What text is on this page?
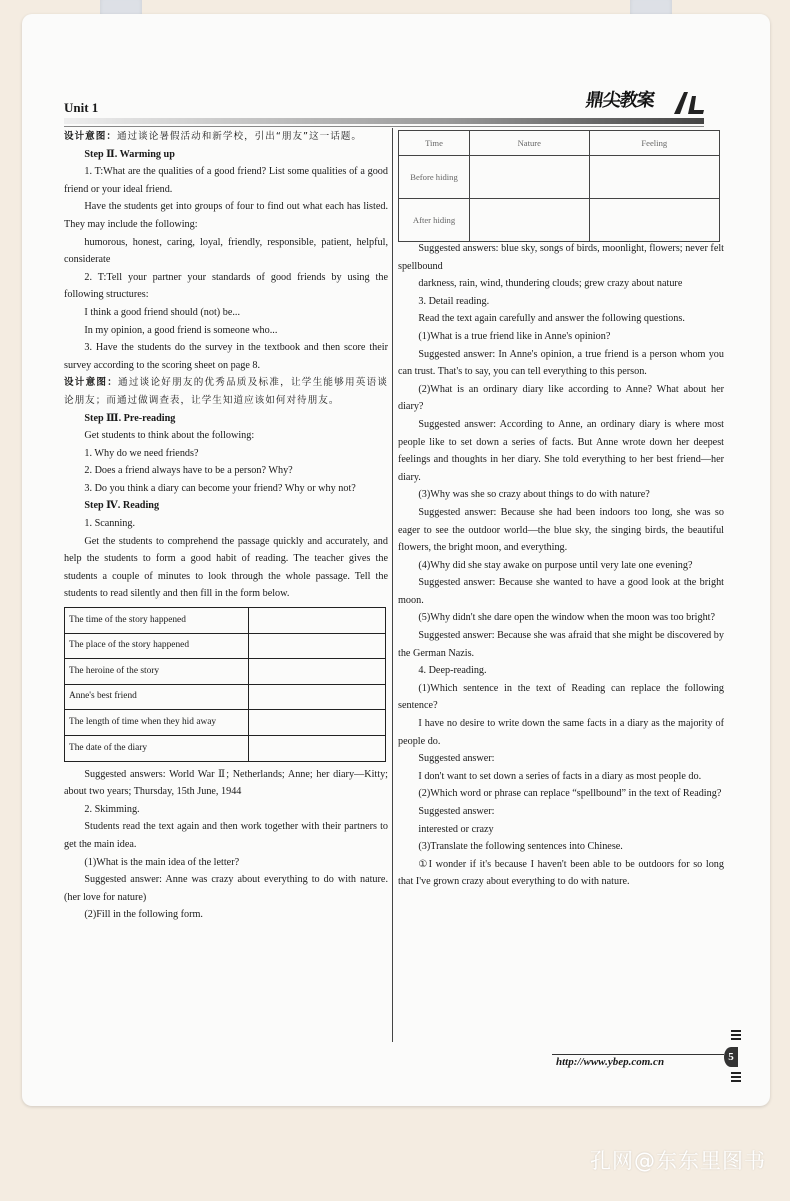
Unit 1	鼎尖教案

设计意图：通过谈论暑假活动和新学校，引出“朋友”这一话题。

Step Ⅱ. Warming up

1. T:What are the qualities of a good friend? List some qualities of a good friend or your ideal friend.

Have the students get into groups of four to find out what each has listed. They may include the following:

humorous, honest, caring, loyal, friendly, responsible, patient, helpful, considerate

2. T:Tell your partner your standards of good friends by using the following structures:

I think a good friend should (not) be...

In my opinion, a good friend is someone who...

3. Have the students do the survey in the textbook and then score their survey according to the scoring sheet on page 8.

设计意图：通过谈论好朋友的优秀品质及标准，让学生能够用英语谈论朋友；而通过做调查表，让学生知道应该如何对待朋友。

Step Ⅲ. Pre-reading

Get students to think about the following:

1. Why do we need friends?

2. Does a friend always have to be a person? Why?

3. Do you think a diary can become your friend? Why or why not?

Step Ⅳ. Reading

1. Scanning.

Get the students to comprehend the passage quickly and accurately, and help the students to form a good habit of reading. The teacher gives the students a couple of minutes to look through the whole passage. Tell the students to read silently and then fill in the form below.

The time of the story happened	
The place of the story happened	
The heroine of the story	
Anne's best friend	
The length of time when they hid away	
The date of the diary	

Suggested answers: World War Ⅱ; Netherlands; Anne; her diary—Kitty; about two years; Thursday, 15th June, 1944

2. Skimming.

Students read the text again and then work together with their partners to get the main idea.

(1)What is the main idea of the letter?

Suggested answer: Anne was crazy about everything to do with nature. (her love for nature)

(2)Fill in the following form.

Time	Nature	Feeling
Before hiding		
After hiding		

Suggested answers: blue sky, songs of birds, moonlight, flowers; never felt spellbound

darkness, rain, wind, thundering clouds; grew crazy about nature

3. Detail reading.

Read the text again carefully and answer the following questions.

(1)What is a true friend like in Anne's opinion?

Suggested answer: In Anne's opinion, a true friend is a person whom you can trust. That's to say, you can tell everything to this person.

(2)What is an ordinary diary like according to Anne? What about her diary?

Suggested answer: According to Anne, an ordinary diary is where most people like to set down a series of facts. But Anne wrote down her deepest feelings and thoughts in her diary. She told everything to her best friend—her diary.

(3)Why was she so crazy about things to do with nature?

Suggested answer: Because she had been indoors too long, she was so eager to see the outdoor world—the blue sky, the singing birds, the beautiful flowers, the bright moon, and everything.

(4)Why did she stay awake on purpose until very late one evening?

Suggested answer: Because she wanted to have a good look at the bright moon.

(5)Why didn't she dare open the window when the moon was too bright?

Suggested answer: Because she was afraid that she might be discovered by the German Nazis.

4. Deep-reading.

(1)Which sentence in the text of Reading can replace the following sentence?

I have no desire to write down the same facts in a diary as the majority of people do.

Suggested answer:

I don't want to set down a series of facts in a diary as most people do.

(2)Which word or phrase can replace “spellbound” in the text of Reading?

Suggested answer:

interested or crazy

(3)Translate the following sentences into Chinese.

①I wonder if it's because I haven't been able to be outdoors for so long that I've grown crazy about everything to do with nature.

http://www.ybep.com.cn	5
孔网@东东里图书
